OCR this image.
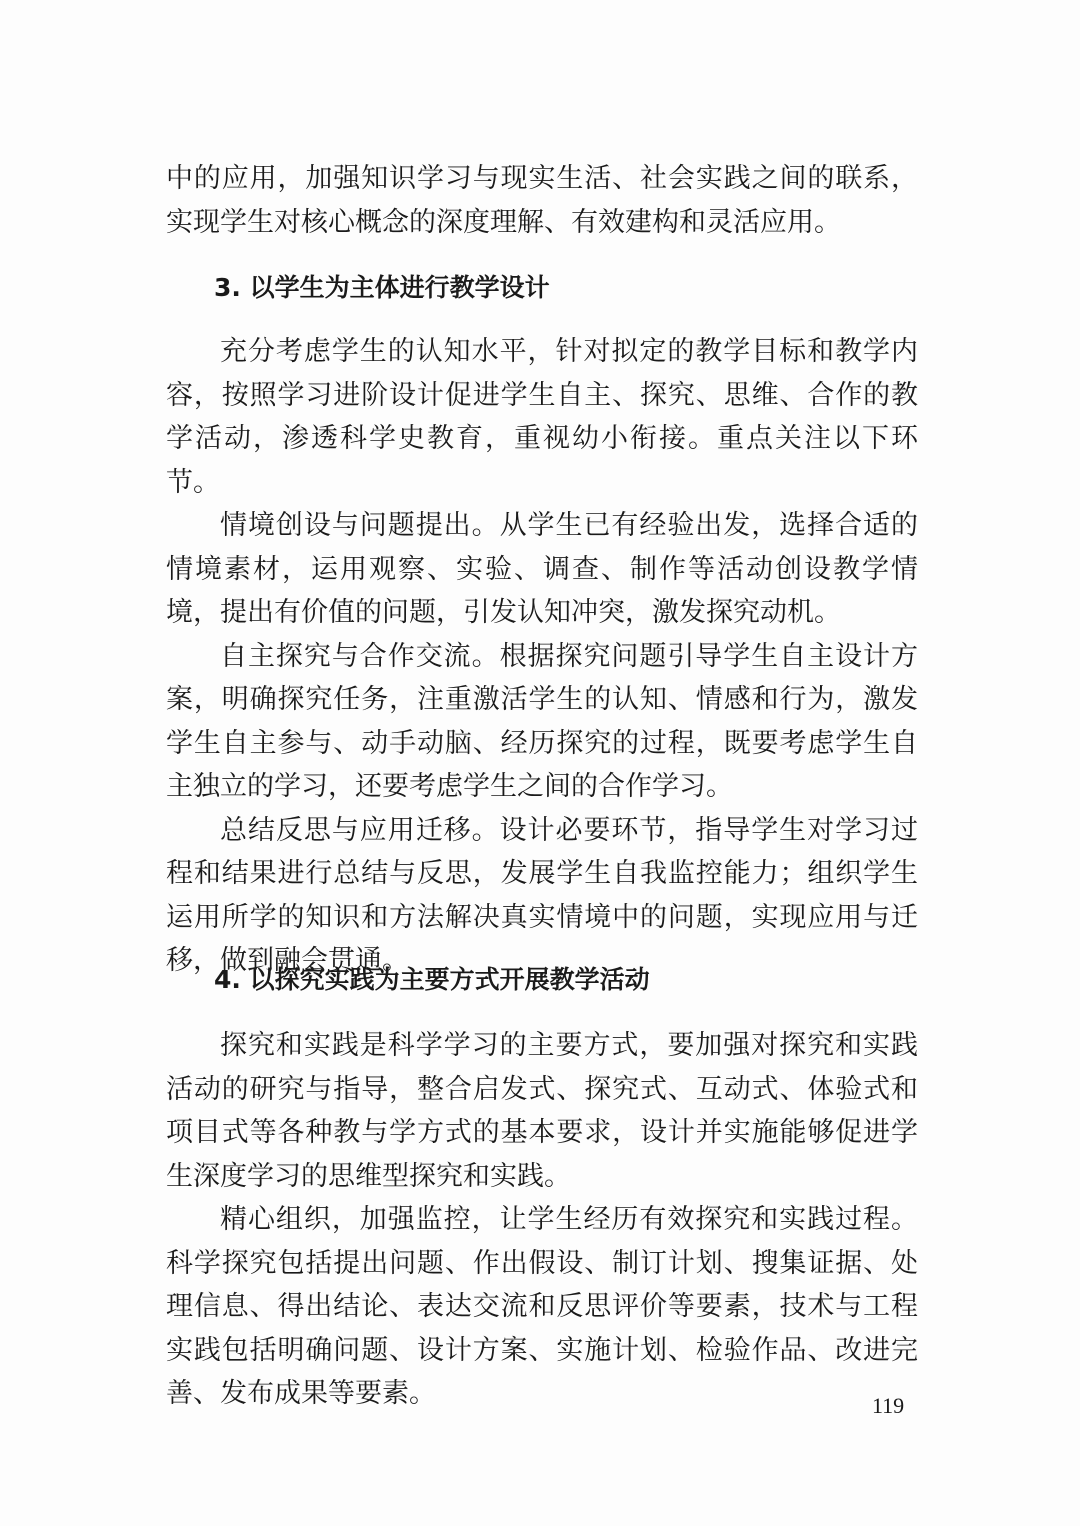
中的应用，加强知识学习与现实生活、社会实践之间的联系，实现学生对核心概念的深度理解、有效建构和灵活应用。

3. 以学生为主体进行教学设计

充分考虑学生的认知水平，针对拟定的教学目标和教学内容，按照学习进阶设计促进学生自主、探究、思维、合作的教学活动，渗透科学史教育，重视幼小衔接。重点关注以下环节。

情境创设与问题提出。从学生已有经验出发，选择合适的情境素材，运用观察、实验、调查、制作等活动创设教学情境，提出有价值的问题，引发认知冲突，激发探究动机。

自主探究与合作交流。根据探究问题引导学生自主设计方案，明确探究任务，注重激活学生的认知、情感和行为，激发学生自主参与、动手动脑、经历探究的过程，既要考虑学生自主独立的学习，还要考虑学生之间的合作学习。

总结反思与应用迁移。设计必要环节，指导学生对学习过程和结果进行总结与反思，发展学生自我监控能力；组织学生运用所学的知识和方法解决真实情境中的问题，实现应用与迁移，做到融会贯通。

4. 以探究实践为主要方式开展教学活动

探究和实践是科学学习的主要方式，要加强对探究和实践活动的研究与指导，整合启发式、探究式、互动式、体验式和项目式等各种教与学方式的基本要求，设计并实施能够促进学生深度学习的思维型探究和实践。

精心组织，加强监控，让学生经历有效探究和实践过程。科学探究包括提出问题、作出假设、制订计划、搜集证据、处理信息、得出结论、表达交流和反思评价等要素，技术与工程实践包括明确问题、设计方案、实施计划、检验作品、改进完善、发布成果等要素。	119
